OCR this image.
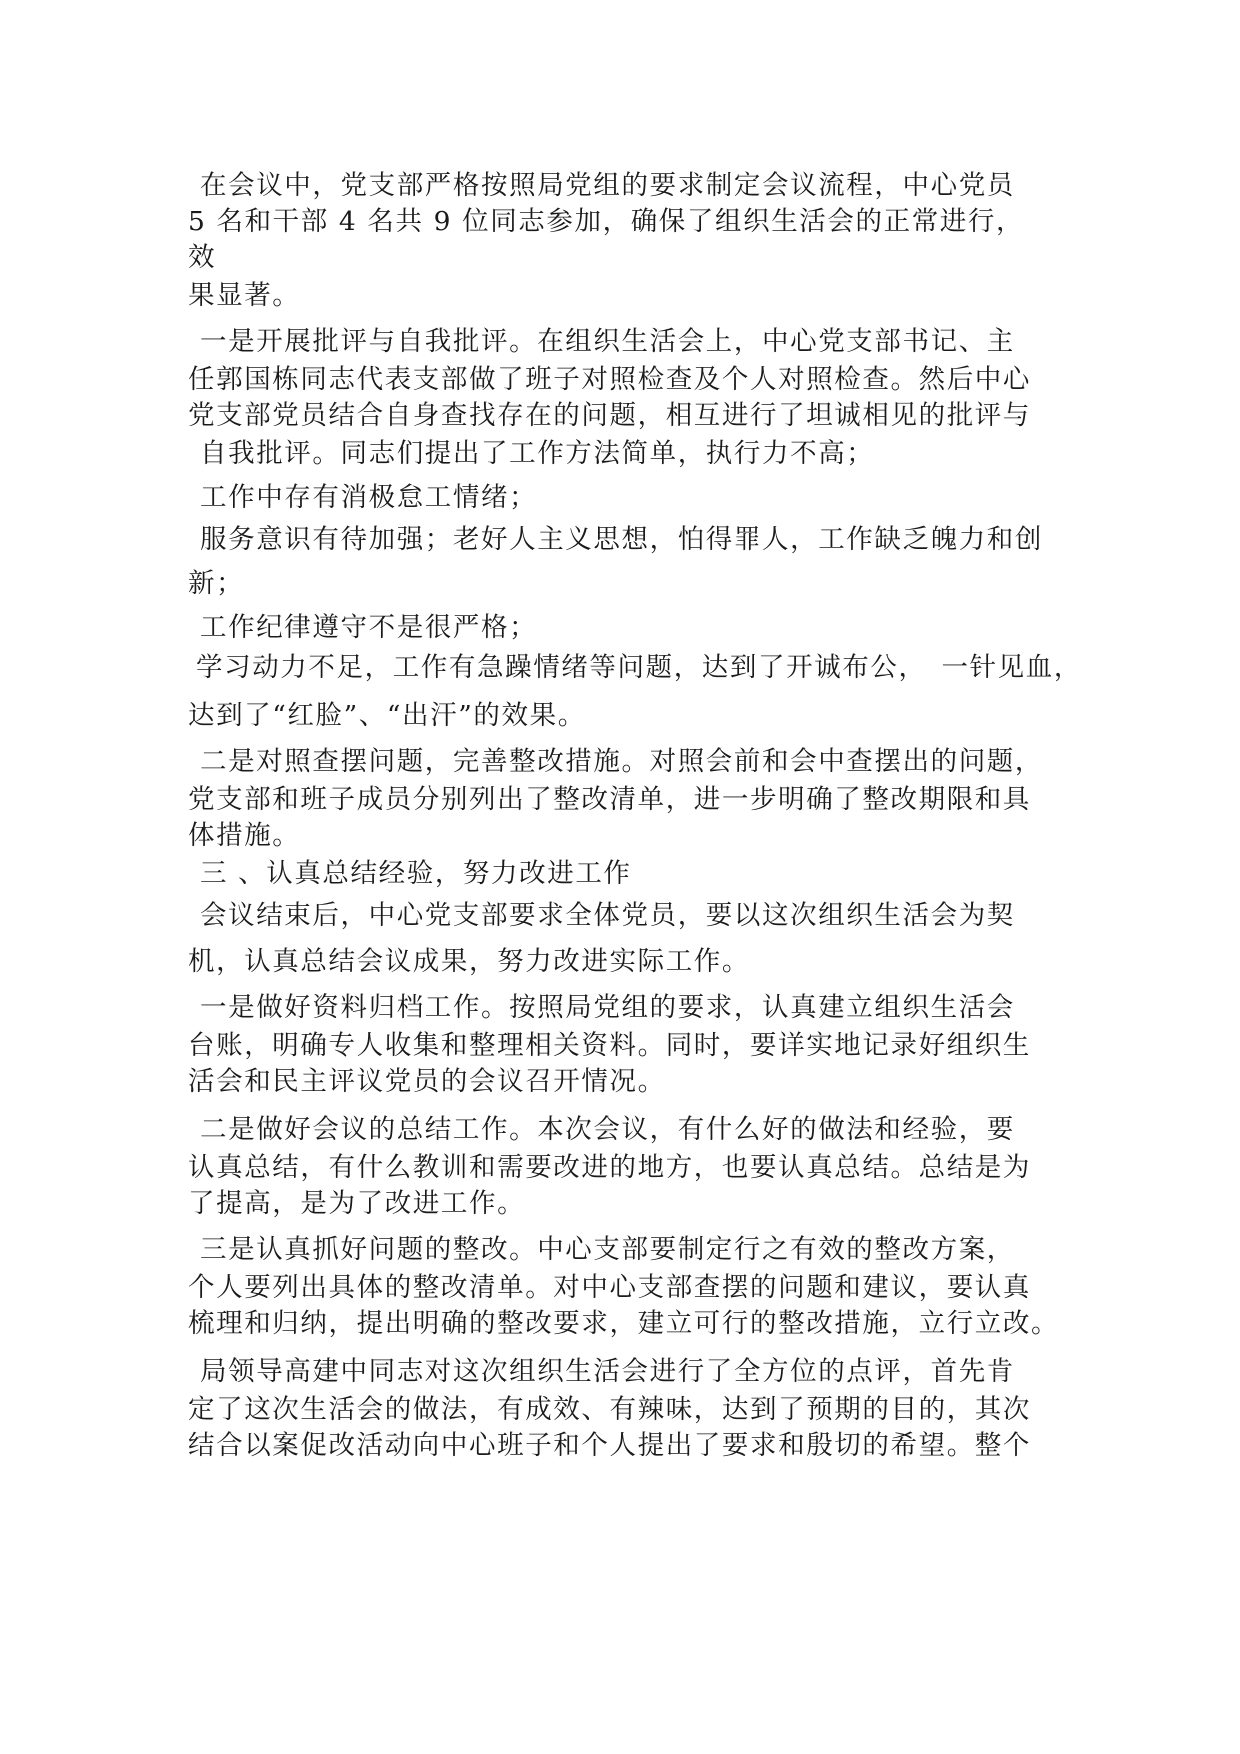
在会议中，党支部严格按照局党组的要求制定会议流程，中心党员
5 名和干部 4 名共 9 位同志参加，确保了组织生活会的正常进行，
效
果显著。
一是开展批评与自我批评。在组织生活会上，中心党支部书记、主
任郭国栋同志代表支部做了班子对照检查及个人对照检查。然后中心
党支部党员结合自身查找存在的问题，相互进行了坦诚相见的批评与
自我批评。同志们提出了工作方法简单，执行力不高；
工作中存有消极怠工情绪；
服务意识有待加强；老好人主义思想，怕得罪人，工作缺乏魄力和创
新；
工作纪律遵守不是很严格；
学习动力不足，工作有急躁情绪等问题，达到了开诚布公，　一针见血，
达到了“红脸”、“出汗”的效果。
二是对照查摆问题，完善整改措施。对照会前和会中查摆出的问题，
党支部和班子成员分别列出了整改清单，进一步明确了整改期限和具
体措施。
三 、认真总结经验，努力改进工作
会议结束后，中心党支部要求全体党员，要以这次组织生活会为契
机，认真总结会议成果，努力改进实际工作。
一是做好资料归档工作。按照局党组的要求，认真建立组织生活会
台账，明确专人收集和整理相关资料。同时，要详实地记录好组织生
活会和民主评议党员的会议召开情况。
二是做好会议的总结工作。本次会议，有什么好的做法和经验，要
认真总结，有什么教训和需要改进的地方，也要认真总结。总结是为
了提高，是为了改进工作。
三是认真抓好问题的整改。中心支部要制定行之有效的整改方案，
个人要列出具体的整改清单。对中心支部查摆的问题和建议，要认真
梳理和归纳，提出明确的整改要求，建立可行的整改措施，立行立改。
局领导高建中同志对这次组织生活会进行了全方位的点评，首先肯
定了这次生活会的做法，有成效、有辣味，达到了预期的目的，其次
结合以案促改活动向中心班子和个人提出了要求和殷切的希望。整个
